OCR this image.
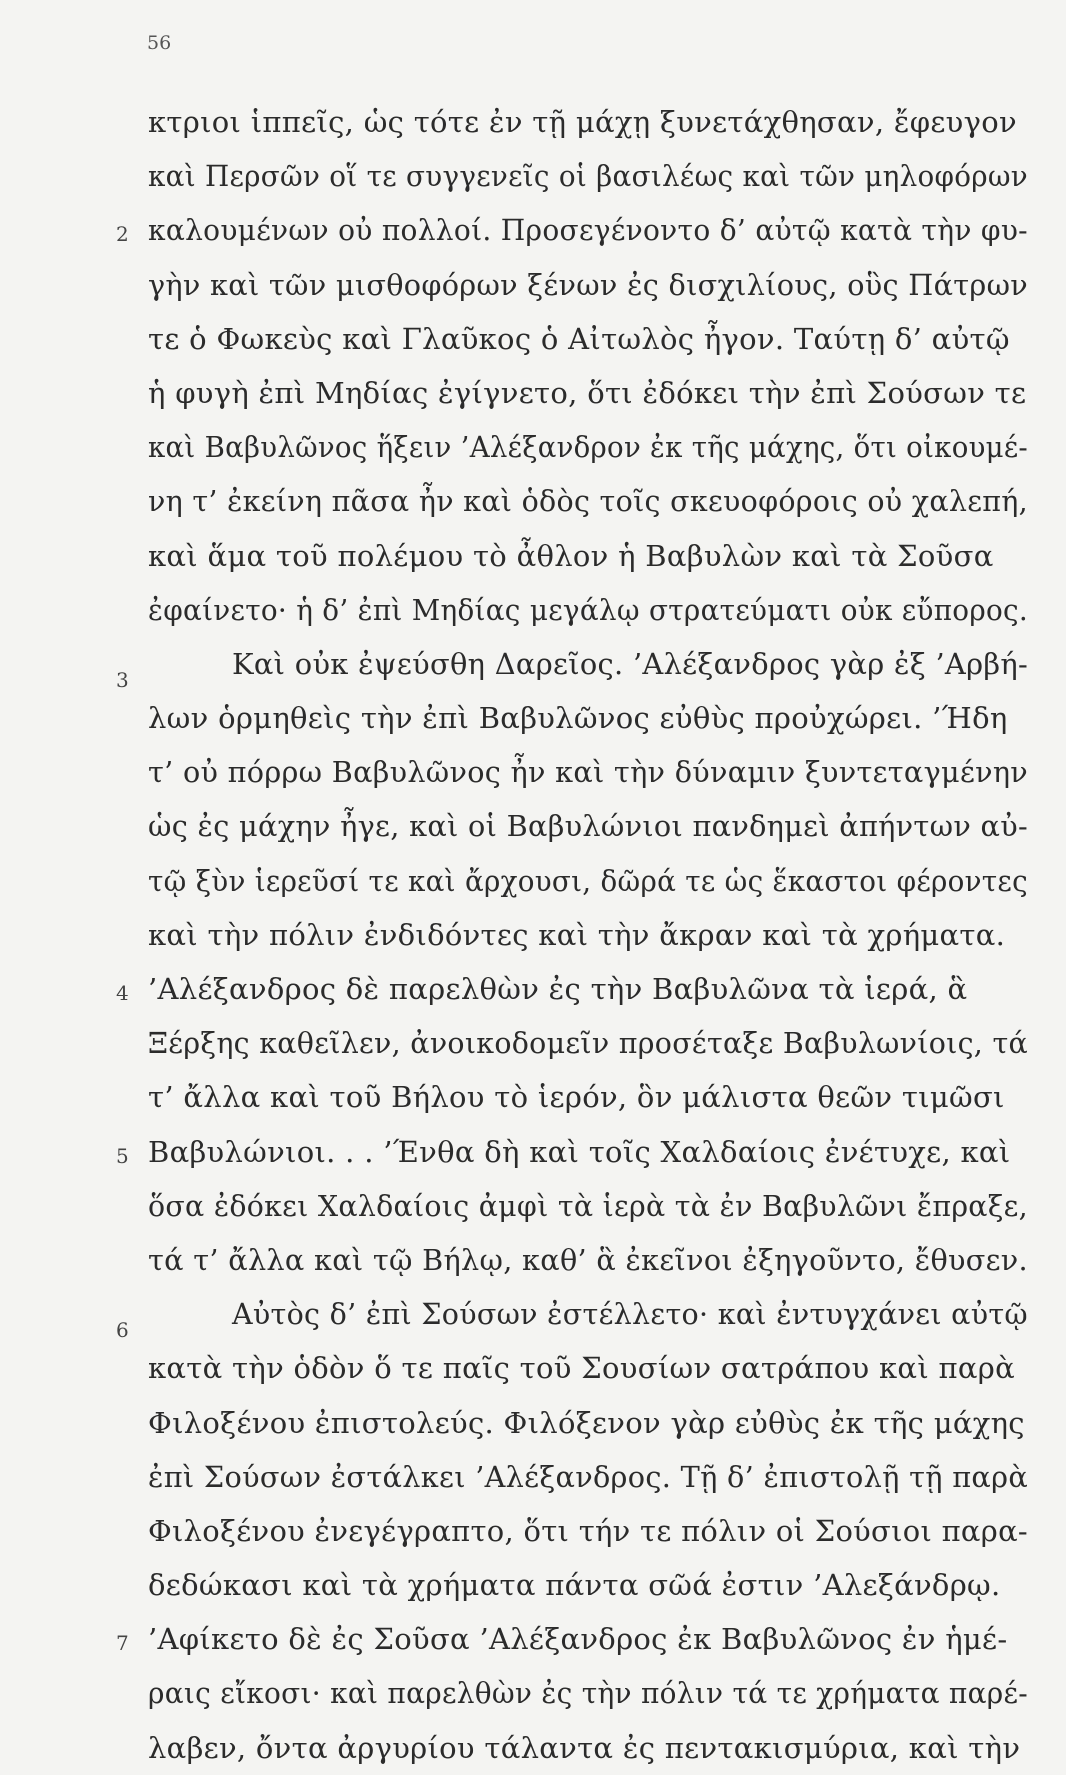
56
κτριοι ἱππεῖς, ὡς τότε ἐν τῇ μάχῃ ξυνετάχθησαν, ἔφευγον
καὶ Περσῶν οἵ τε συγγενεῖς οἱ βασιλέως καὶ τῶν μηλοφόρων
2 καλουμένων οὐ πολλοί. Προσεγένοντο δ’ αὐτῷ κατὰ τὴν φυ-
γὴν καὶ τῶν μισθοφόρων ξένων ἐς δισχιλίους, οὓς Πάτρων
τε ὁ Φωκεὺς καὶ Γλαῦκος ὁ Αἰτωλὸς ἦγον. Ταύτῃ δ’ αὐτῷ
ἡ φυγὴ ἐπὶ Μηδίας ἐγίγνετο, ὅτι ἐδόκει τὴν ἐπὶ Σούσων τε
καὶ Βαβυλῶνος ἥξειν ’Αλέξανδρον ἐκ τῆς μάχης, ὅτι οἰκουμέ-
νη τ’ ἐκείνη πᾶσα ἦν καὶ ὁδὸς τοῖς σκευοφόροις οὐ χαλεπή,
καὶ ἅμα τοῦ πολέμου τὸ ἆθλον ἡ Βαβυλὼν καὶ τὰ Σοῦσα
ἐφαίνετο· ἡ δ’ ἐπὶ Μηδίας μεγάλῳ στρατεύματι οὐκ εὔπορος.
3	Καὶ οὐκ ἐψεύσθη Δαρεῖος. ’Αλέξανδρος γὰρ ἐξ ’Αρβή-
λων ὁρμηθεὶς τὴν ἐπὶ Βαβυλῶνος εὐθὺς προὐχώρει. ’Ήδη
τ’ οὐ πόρρω Βαβυλῶνος ἦν καὶ τὴν δύναμιν ξυντεταγμένην
ὡς ἐς μάχην ἦγε, καὶ οἱ Βαβυλώνιοι πανδημεὶ ἀπήντων αὐ-
τῷ ξὺν ἱερεῦσί τε καὶ ἄρχουσι, δῶρά τε ὡς ἕκαστοι φέροντες
καὶ τὴν πόλιν ἐνδιδόντες καὶ τὴν ἄκραν καὶ τὰ χρήματα.
4 ’Αλέξανδρος δὲ παρελθὼν ἐς τὴν Βαβυλῶνα τὰ ἱερά, ἃ
Ξέρξης καθεῖλεν, ἀνοικοδομεῖν προσέταξε Βαβυλωνίοις, τά
τ’ ἄλλα καὶ τοῦ Βήλου τὸ ἱερόν, ὃν μάλιστα θεῶν τιμῶσι
5 Βαβυλώνιοι. . . ’Ένθα δὴ καὶ τοῖς Χαλδαίοις ἐνέτυχε, καὶ
ὅσα ἐδόκει Χαλδαίοις ἀμφὶ τὰ ἱερὰ τὰ ἐν Βαβυλῶνι ἔπραξε,
τά τ’ ἄλλα καὶ τῷ Βήλῳ, καθ’ ἃ ἐκεῖνοι ἐξηγοῦντο, ἔθυσεν.
6	Αὐτὸς δ’ ἐπὶ Σούσων ἐστέλλετο· καὶ ἐντυγχάνει αὐτῷ
κατὰ τὴν ὁδὸν ὅ τε παῖς τοῦ Σουσίων σατράπου καὶ παρὰ
Φιλοξένου ἐπιστολεύς. Φιλόξενον γὰρ εὐθὺς ἐκ τῆς μάχης
ἐπὶ Σούσων ἐστάλκει ’Αλέξανδρος. Τῇ δ’ ἐπιστολῇ τῇ παρὰ
Φιλοξένου ἐνεγέγραπτο, ὅτι τήν τε πόλιν οἱ Σούσιοι παρα-
δεδώκασι καὶ τὰ χρήματα πάντα σῶά ἐστιν ’Αλεξάνδρῳ.
7 ’Αφίκετο δὲ ἐς Σοῦσα ’Αλέξανδρος ἐκ Βαβυλῶνος ἐν ἡμέ-
ραις εἴκοσι· καὶ παρελθὼν ἐς τὴν πόλιν τά τε χρήματα παρέ-
λαβεν, ὄντα ἀργυρίου τάλαντα ἐς πεντακισμύρια, καὶ τὴν
